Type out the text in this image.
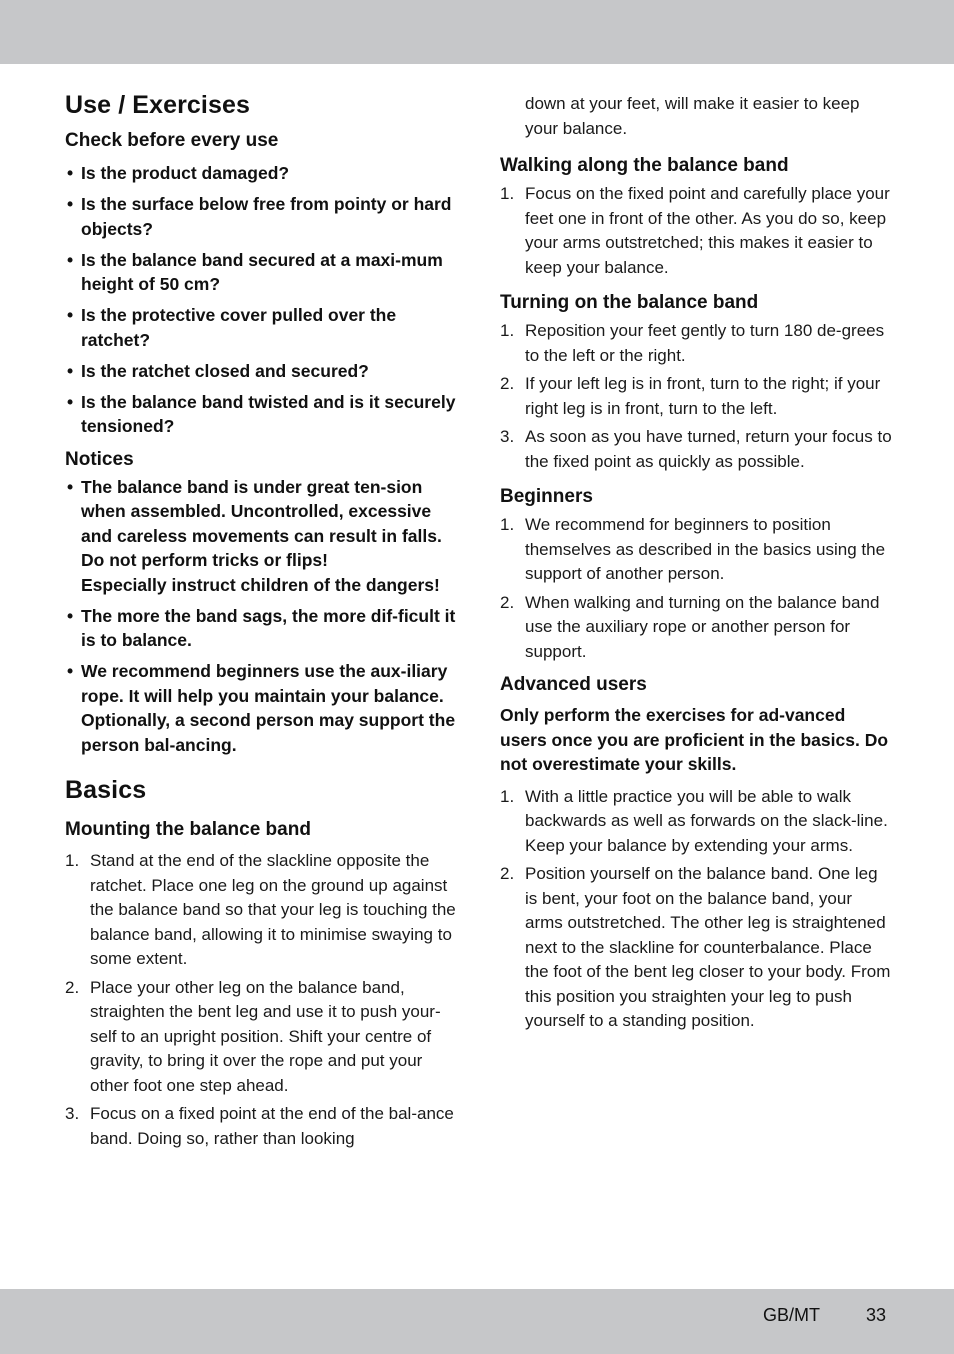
Use / Exercises
Check before every use
• Is the product damaged?
• Is the surface below free from pointy or hard objects?
• Is the balance band secured at a maxi-mum height of 50 cm?
• Is the protective cover pulled over the ratchet?
• Is the ratchet closed and secured?
• Is the balance band twisted and is it securely tensioned?
Notices
• The balance band is under great ten-sion when assembled. Uncontrolled, excessive and careless movements can result in falls. Do not perform tricks or flips!
Especially instruct children of the dangers!
• The more the band sags, the more dif-ficult it is to balance.
• We recommend beginners use the aux-iliary rope. It will help you maintain your balance. Optionally, a second person may support the person bal-ancing.
Basics
Mounting the balance band
1. Stand at the end of the slackline opposite the ratchet. Place one leg on the ground up against the balance band so that your leg is touching the balance band, allowing it to minimise swaying to some extent.
2. Place your other leg on the balance band, straighten the bent leg and use it to push your-self to an upright position. Shift your centre of gravity, to bring it over the rope and put your other foot one step ahead.
3. Focus on a fixed point at the end of the bal-ance band. Doing so, rather than looking

down at your feet, will make it easier to keep your balance.

Walking along the balance band
1. Focus on the fixed point and carefully place your feet one in front of the other. As you do so, keep your arms outstretched; this makes it easier to keep your balance.
Turning on the balance band
1. Reposition your feet gently to turn 180 de-grees to the left or the right.
2. If your left leg is in front, turn to the right; if your right leg is in front, turn to the left.
3. As soon as you have turned, return your focus to the fixed point as quickly as possible.
Beginners
1. We recommend for beginners to position themselves as described in the basics using the support of another person.
2. When walking and turning on the balance band use the auxiliary rope or another person for support.
Advanced users

Only perform the exercises for ad-vanced users once you are proficient in the basics. Do not overestimate your skills.

1. With a little practice you will be able to walk backwards as well as forwards on the slack-line. Keep your balance by extending your arms.
2. Position yourself on the balance band. One leg is bent, your foot on the balance band, your arms outstretched. The other leg is straightened next to the slackline for counterbalance. Place the foot of the bent leg closer to your body. From this position you straighten your leg to push yourself to a standing position.
GB/MT	33
